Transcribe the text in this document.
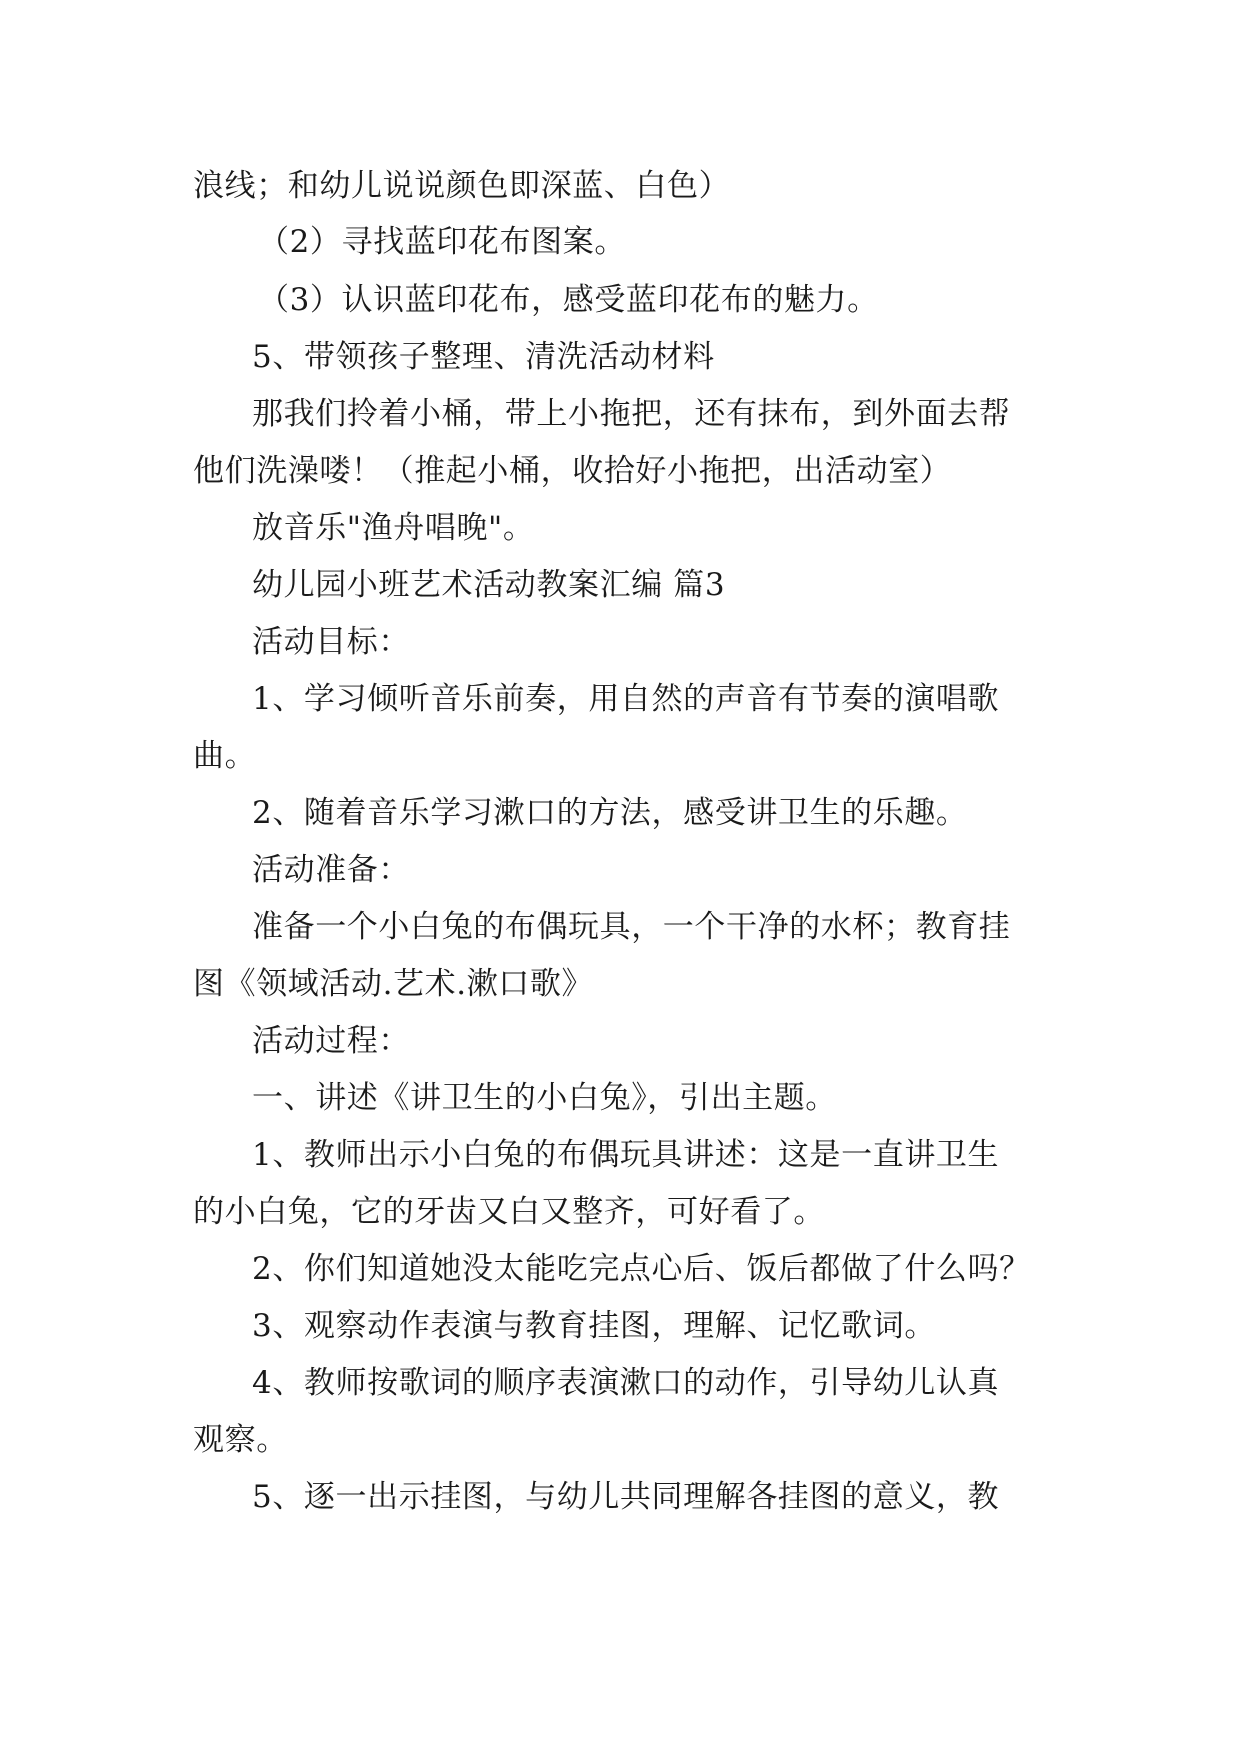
浪线；和幼儿说说颜色即深蓝、白色）
（2）寻找蓝印花布图案。
（3）认识蓝印花布，感受蓝印花布的魅力。
5、带领孩子整理、清洗活动材料
那我们拎着小桶，带上小拖把，还有抹布，到外面去帮
他们洗澡喽！（推起小桶，收拾好小拖把，出活动室）
放音乐"渔舟唱晚"。
幼儿园小班艺术活动教案汇编 篇3
活动目标：
1、学习倾听音乐前奏，用自然的声音有节奏的演唱歌
曲。
2、随着音乐学习漱口的方法，感受讲卫生的乐趣。
活动准备：
准备一个小白兔的布偶玩具，一个干净的水杯；教育挂
图《领域活动.艺术.漱口歌》
活动过程：
一、讲述《讲卫生的小白兔》，引出主题。
1、教师出示小白兔的布偶玩具讲述：这是一直讲卫生
的小白兔，它的牙齿又白又整齐，可好看了。
2、你们知道她没太能吃完点心后、饭后都做了什么吗？
3、观察动作表演与教育挂图，理解、记忆歌词。
4、教师按歌词的顺序表演漱口的动作，引导幼儿认真
观察。
5、逐一出示挂图，与幼儿共同理解各挂图的意义，教
